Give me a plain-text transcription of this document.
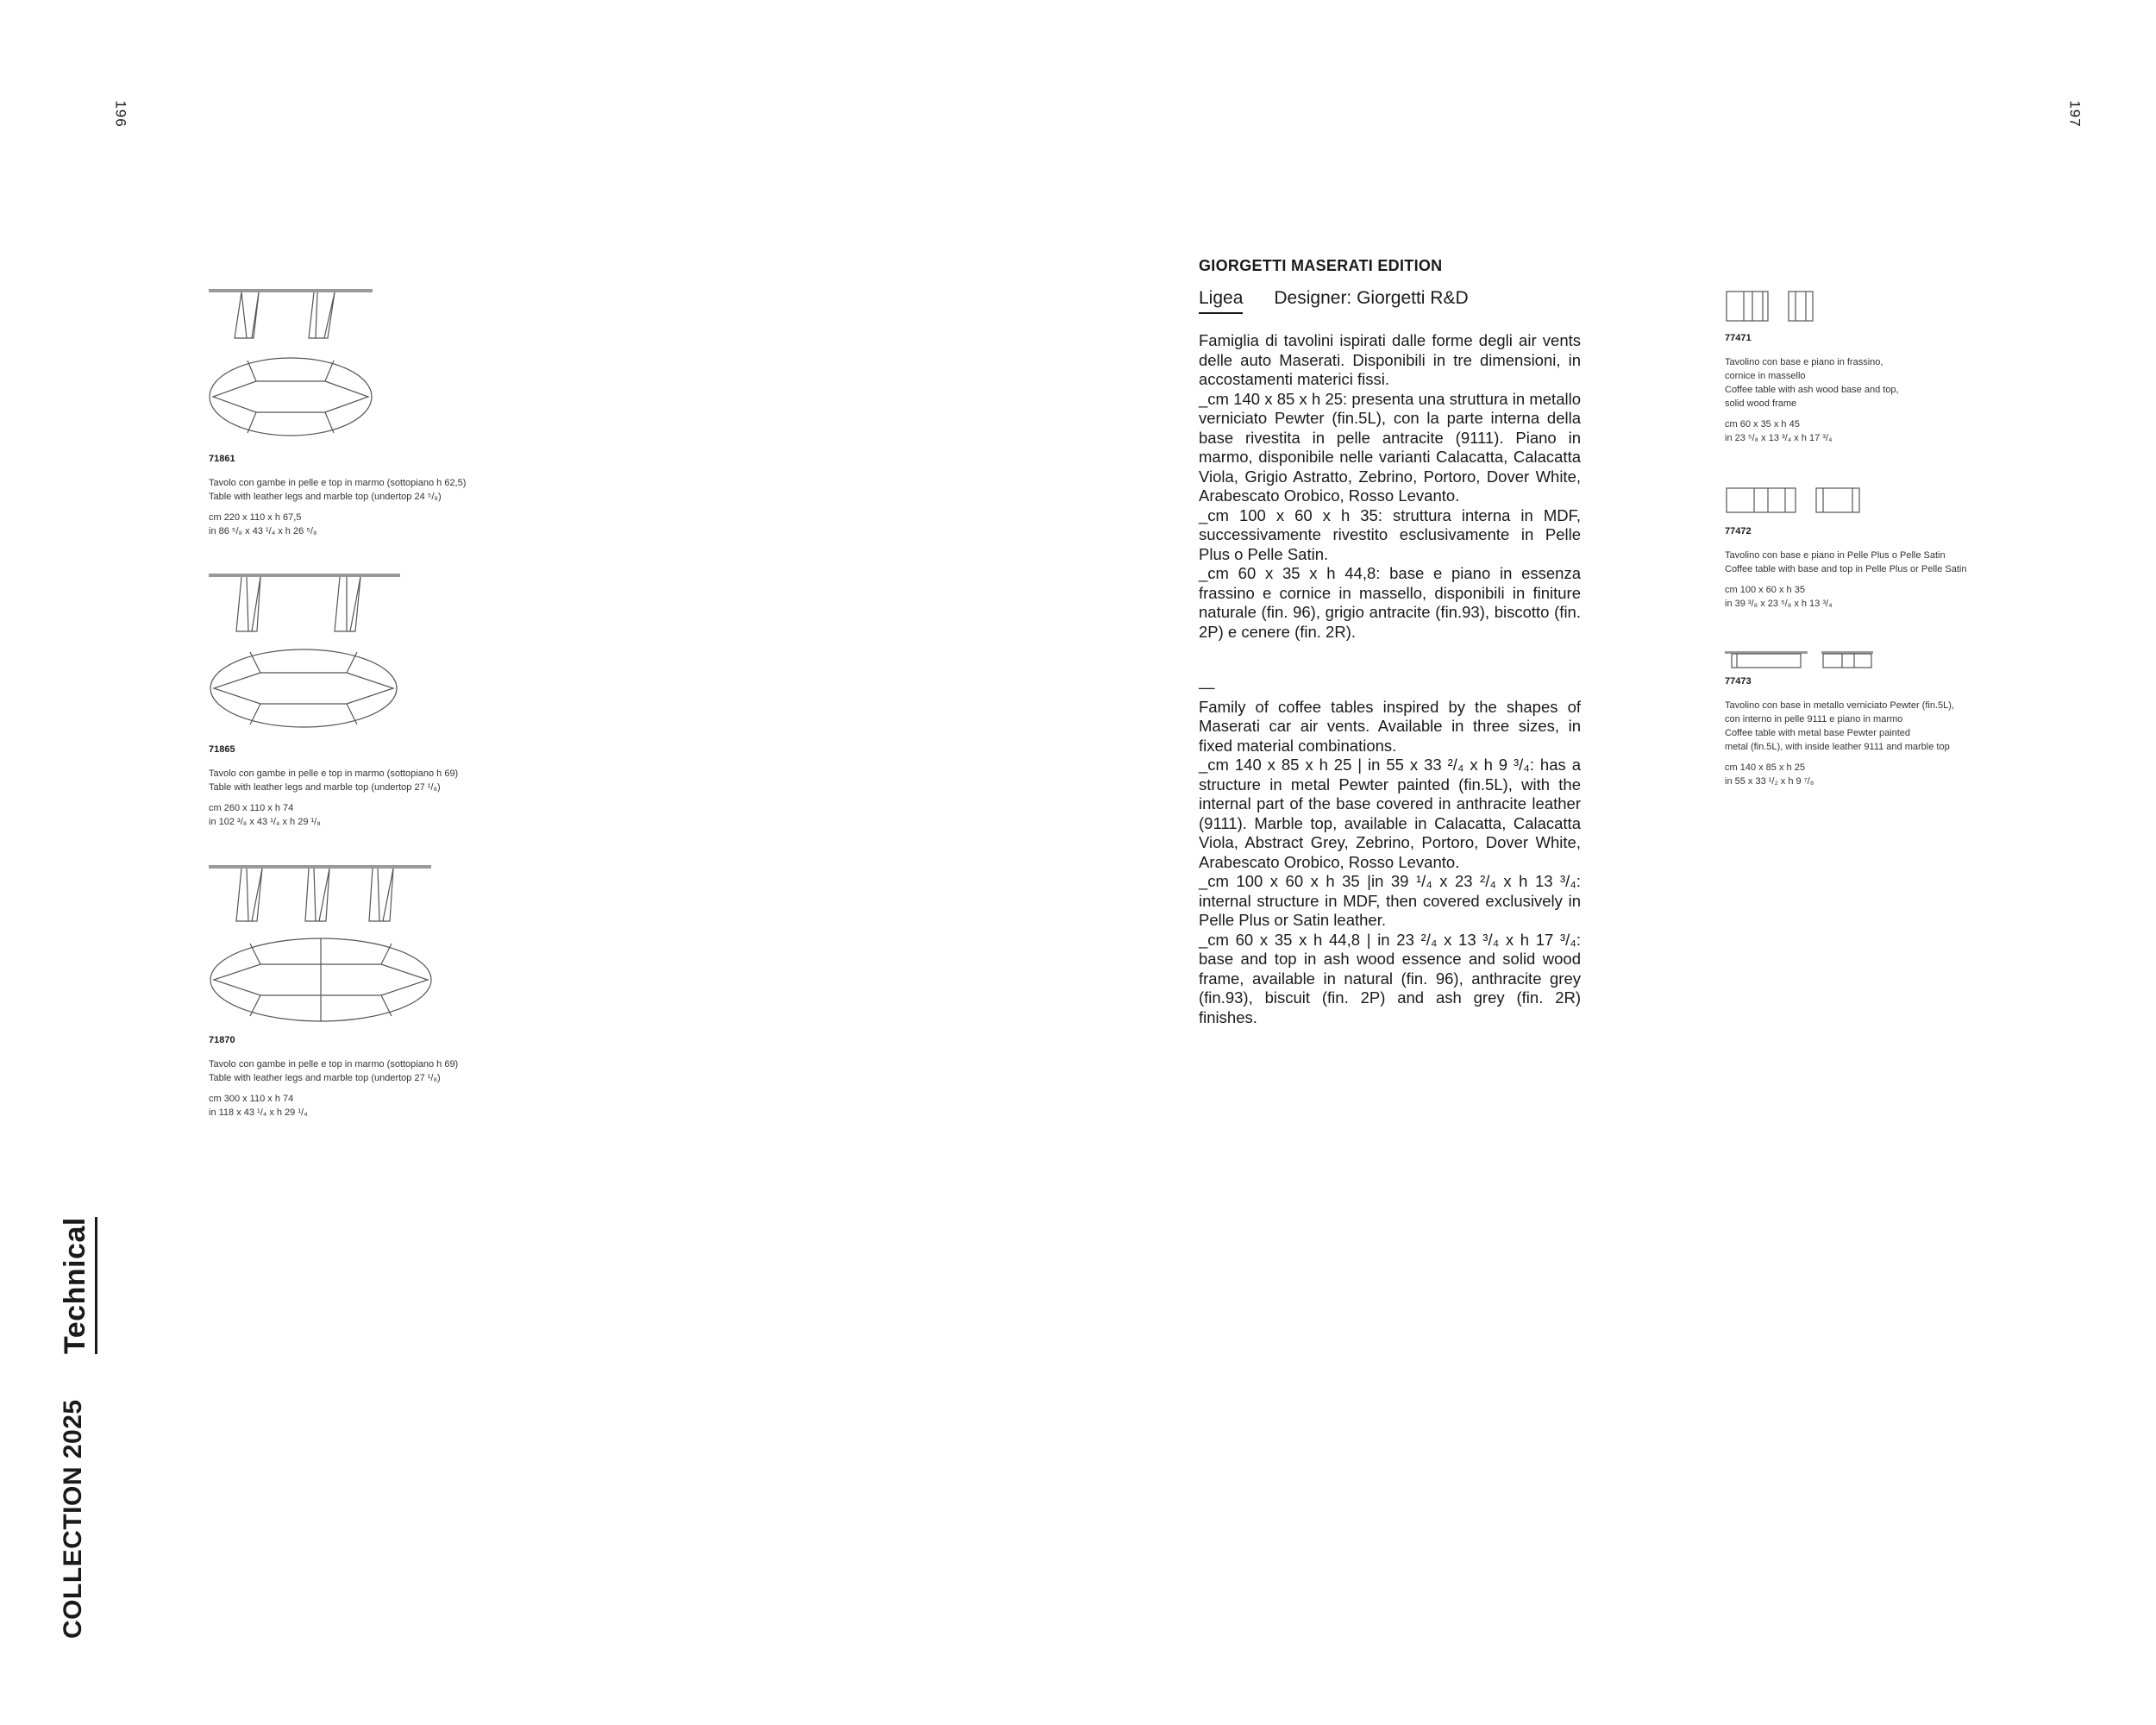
196	197
Technical
COLLECTION 2025
71861

Tavolo con gambe in pelle e top in marmo (sottopiano h 62,5)

Table with leather legs and marble top (undertop 24 ⁵/₈)

cm 220 x 110 x h 67,5

in 86 ⁵/₈ x 43 ¹/₄ x h 26 ⁵/₈

71865

Tavolo con gambe in pelle e top in marmo (sottopiano h 69)

Table with leather legs and marble top (undertop 27 ¹/₈)

cm 260 x 110 x h 74

in 102 ³/₈ x 43 ¹/₄ x h 29 ¹/₈

71870

Tavolo con gambe in pelle e top in marmo (sottopiano h 69)

Table with leather legs and marble top (undertop 27 ¹/₈)

cm 300 x 110 x h 74

in 118 x 43 ¹/₄ x h 29 ¹/₄

GIORGETTI MASERATI EDITION
Ligea Designer: Giorgetti R&D

Famiglia di tavolini ispirati dalle forme degli air vents delle auto Maserati. Disponibili in tre dimensioni, in accostamenti materici fissi.

_cm 140 x 85 x h 25: presenta una struttura in metallo verniciato Pewter (fin.5L), con la parte interna della base rivestita in pelle antracite (9111). Piano in marmo, disponibile nelle varianti Calacatta, Calacatta Viola, Grigio Astratto, Zebrino, Portoro, Dover White, Arabescato Orobico, Rosso Levanto.

_cm 100 x 60 x h 35: struttura interna in MDF, successivamente rivestito esclusivamente in Pelle Plus o Pelle Satin.

_cm 60 x 35 x h 44,8: base e piano in essenza frassino e cornice in massello, disponibili in finiture naturale (fin. 96), grigio antracite (fin.93), biscotto (fin. 2P) e cenere (fin. 2R).

—

Family of coffee tables inspired by the shapes of Maserati car air vents. Available in three sizes, in fixed material combinations.

_cm 140 x 85 x h 25 | in 55 x 33 ²/₄ x h 9 ³/₄: has a structure in metal Pewter painted (fin.5L), with the internal part of the base covered in anthracite leather (9111). Marble top, available in Calacatta, Calacatta Viola, Abstract Grey, Zebrino, Portoro, Dover White, Arabescato Orobico, Rosso Levanto.

_cm 100 x 60 x h 35 |in 39 ¹/₄ x 23 ²/₄ x h 13 ³/₄: internal structure in MDF, then covered exclusively in Pelle Plus or Satin leather.

_cm 60 x 35 x h 44,8 | in 23 ²/₄ x 13 ³/₄ x h 17 ³/₄: base and top in ash wood essence and solid wood frame, available in natural (fin. 96), anthracite grey (fin.93), biscuit (fin. 2P) and ash grey (fin. 2R) finishes.

77471

Tavolino con base e piano in frassino,

cornice in massello

Coffee table with ash wood base and top,

solid wood frame

cm 60 x 35 x h 45

in 23 ⁵/₈ x 13 ³/₄ x h 17 ³/₄

77472

Tavolino con base e piano in Pelle Plus o Pelle Satin

Coffee table with base and top in Pelle Plus or Pelle Satin

cm 100 x 60 x h 35

in 39 ³/₈ x 23 ⁵/₈ x h 13 ³/₄

77473

Tavolino con base in metallo verniciato Pewter (fin.5L),

con interno in pelle 9111 e piano in marmo

Coffee table with metal base Pewter painted

metal (fin.5L), with inside leather 9111 and marble top

cm 140 x 85 x h 25

in 55 x 33 ¹/₂ x h 9 ⁷/₈
